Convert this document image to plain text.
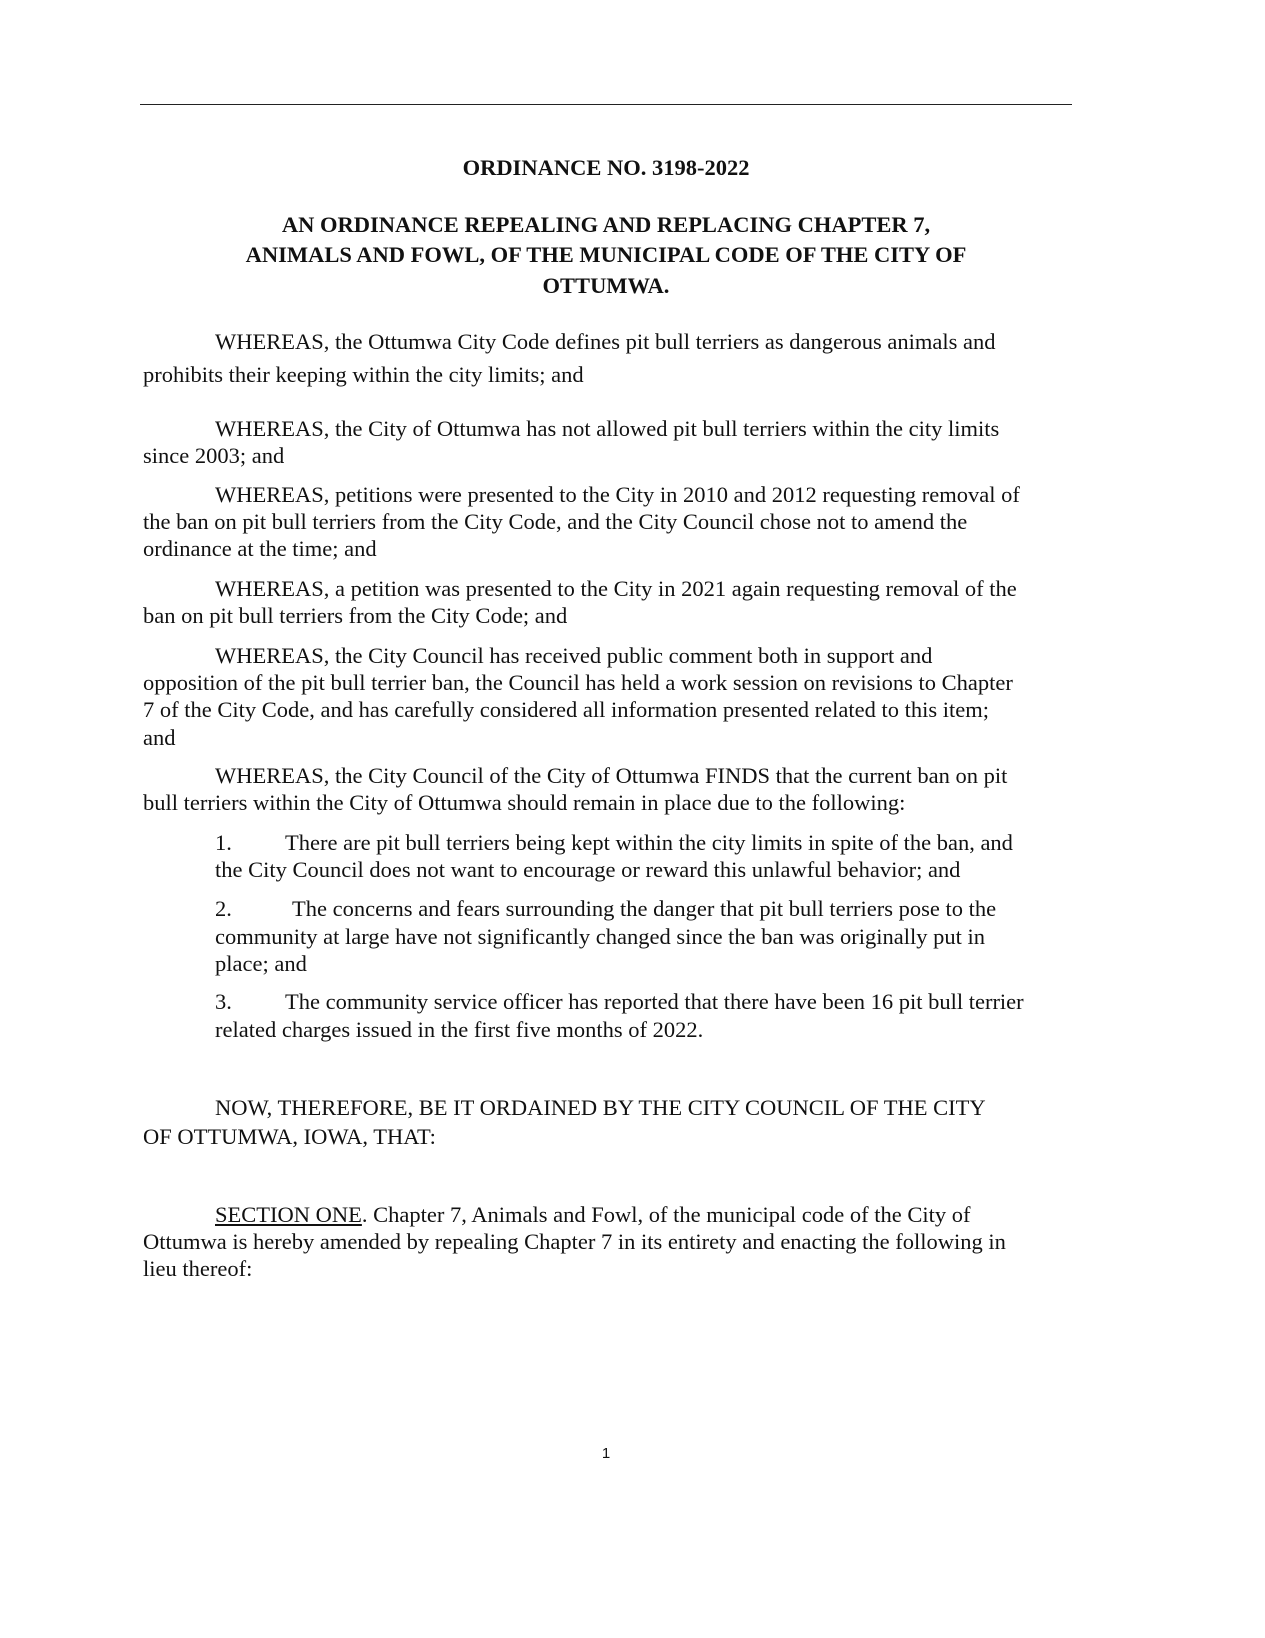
ORDINANCE NO. 3198-2022
AN ORDINANCE REPEALING AND REPLACING CHAPTER 7,
ANIMALS AND FOWL, OF THE MUNICIPAL CODE OF THE CITY OF
OTTUMWA.
WHEREAS, the Ottumwa City Code defines pit bull terriers as dangerous animals and
prohibits their keeping within the city limits; and
WHEREAS, the City of Ottumwa has not allowed pit bull terriers within the city limits
since 2003; and
WHEREAS, petitions were presented to the City in 2010 and 2012 requesting removal of
the ban on pit bull terriers from the City Code, and the City Council chose not to amend the
ordinance at the time; and
WHEREAS, a petition was presented to the City in 2021 again requesting removal of the
ban on pit bull terriers from the City Code; and
WHEREAS, the City Council has received public comment both in support and
opposition of the pit bull terrier ban, the Council has held a work session on revisions to Chapter
7 of the City Code, and has carefully considered all information presented related to this item;
and
WHEREAS, the City Council of the City of Ottumwa FINDS that the current ban on pit
bull terriers within the City of Ottumwa should remain in place due to the following:
1. There are pit bull terriers being kept within the city limits in spite of the ban, and
the City Council does not want to encourage or reward this unlawful behavior; and
2.	The concerns and fears surrounding the danger that pit bull terriers pose to the
community at large have not significantly changed since the ban was originally put in
place; and
3. The community service officer has reported that there have been 16 pit bull terrier
related charges issued in the first five months of 2022.
NOW, THEREFORE, BE IT ORDAINED BY THE CITY COUNCIL OF THE CITY
OF OTTUMWA, IOWA, THAT:
SECTION ONE. Chapter 7, Animals and Fowl, of the municipal code of the City of
Ottumwa is hereby amended by repealing Chapter 7 in its entirety and enacting the following in
lieu thereof:
1
